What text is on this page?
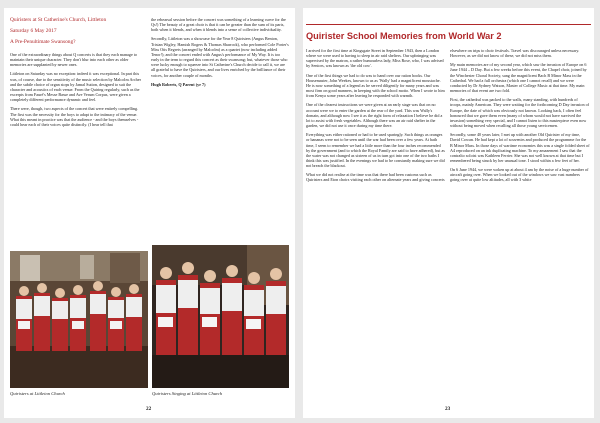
Quiristers at St Catherine's Church, Littleton
Saturday 6 May 2017
A Pre-Penultimate Swansong?

One of the extraordinary things about Q concerts is that they each manage to maintain their unique character. They don't blur into each other as older memories are supplanted by newer ones.

Littleton on Saturday was no exception: indeed it was exceptional. In part this was, of course, due to the sensitivity of the music selection by Malcolm Archer and the subtle choice of organ stops by Jamal Sutton, designed to suit the character and acoustics of each venue. From the Quiring regularly, such as the excerpts from Fauré's Messe Basse and Ave Verum Corpus, were given a completely different performance dynamic and feel.

There were, though, two aspects of the concert that were entirely compelling. The first was the necessity for the boys to adapt to the intimacy of the venue. What this meant in practice was that the audience - and the boys themselves - could hear each of their voices quite distinctly. (I hear tell that

the rehearsal session before the concert was something of a learning curve for the Qs!) The beauty of a great choir is that it can be greater than the sum of its parts, both when it blends, and when it blends into a sense of collective individuality.

Secondly, Littleton was a showcase for the Year 8 Quiristers (Angus Benton, Tristan Wigley, Hamish Rogers & Thomas Sharrock), who performed Cole Porter's Miss Otis Regrets (arranged by Malcolm) as a quartet (now including added Tenor!); and the concert ended with Angus's performance of My Way. It is too early in the term to regard this concert as their swansong; but, whatever those who were lucky enough to squeeze into St Catherine's Church decide to call it, we are all grateful to have the Quiristers, and our lives enriched by the brilliance of their voices, for another couple of months.

Hugh Roberts, Q Parent (yr 7)

Quiristers at Littleton Church	Quiristers Singing at Littleton Church
22
Quirister School Memories from World War 2

I arrived for the first time at Kingsgate Street in September 1943, then a London where we were used to having to sleep in air raid shelters. Our upbringing was supervised by the matron, a rather humourless lady, Miss Rose, who, I was advised by Seniors, was known as 'the old cow'.

One of the first things we had to do was to hand over our ration books. Our Housemaster, John Weekes, known to us as 'Wally' had a magnificent moustache. He is now something of a legend as he served diligently for many years and was most firm on good manners, in keeping with the school motto. When I wrote to him from Kenya some years after leaving he responded with warmth.

One of the clearest instructions we were given at an early stage was that on no account were we to enter the garden at the rear of the yard. This was Wally's domain, and although now I see it as the right form of relaxation I believe he did a lot to assist with fresh vegetables. Although there was an air raid shelter in the garden, we did not use it once during my time there.

Everything was either rationed or had to be used sparingly. Such things as oranges or bananas were not to be seen until the war had been over a few years. At bath time, I seem to remember we had a little more than the four inches recommended by the government (and to which the Royal Family are said to have adhered), but as the water was not changed as sixteen of us in turn got into one of the two baths I think this was justified. In the evenings we had to be constantly making sure we did not breach the blackout.

What we did not realise at the time was that there had been customs such as Quiristers and Eton choirs visiting each other on alternate years and giving concerts

elsewhere on trips to choir festivals. Travel was discouraged unless necessary. However, as we did not know of these, we did not miss them.

My main memories are of my second year, which saw the invasion of Europe on 6 June 1944 – D Day. But a few weeks before this event, the Chapel choir, joined by the Winchester Choral Society, sang the magnificent Bach B Minor Mass in the Cathedral. We had a full orchestra (which one I cannot recall) and we were conducted by Dr Sydney Watson, Master of College Music at that time. My main memories of that event are two fold.

First, the cathedral was packed to the walls, many standing, with hundreds of troops, mainly American. They were waiting for the forthcoming D Day invasion of Europe, the date of which was obviously not known. Looking back, I often feel honoured that we gave them even (many of whom would not have survived the invasion) something very special, and I cannot listen to this masterpiece even now without being moved when recalling all those young servicemen.

Secondly, some 40 years later, I met up with another Old Quirister of my time, David Cowan. He had kept a lot of souvenirs and produced the programme for the B Minor Mass. In those days of wartime economies this was a single folded sheet of A4 reproduced on an ink duplicating machine. To my amazement I saw that the contralto soloist was Kathleen Ferrier. She was not well known at that time but I remembered being struck by her unusual tone. I stood within a few feet of her.

On 6 June 1944, we were woken up at about 4 am by the noise of a huge number of aircraft going over. When we looked out of the windows we saw vast numbers going over at quite low altitudes, all with 3 white

23
